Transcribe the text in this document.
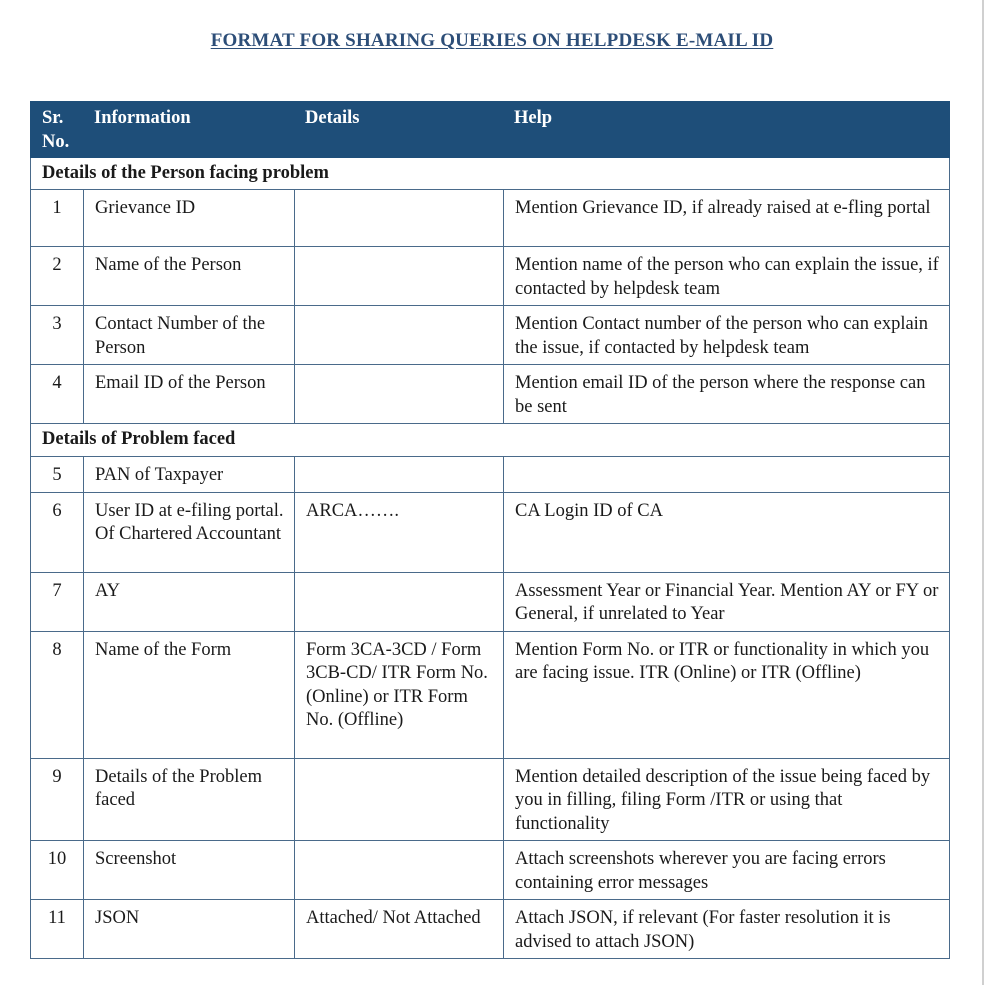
FORMAT FOR SHARING QUERIES ON HELPDESK E-MAIL ID
Sr. No.	Information	Details	Help
Details of the Person facing problem			
1	Grievance ID		Mention Grievance ID, if already raised at e-fling portal
2	Name of the Person		Mention name of the person who can explain the issue, if contacted by helpdesk team
3	Contact Number of the Person		Mention Contact number of the person who can explain the issue, if contacted by helpdesk team
4	Email ID of the Person		Mention email ID of the person where the response can be sent
Details of Problem faced			
5	PAN of Taxpayer		
6	User ID at e-filing portal. Of Chartered Accountant	ARCA…….	CA Login ID of CA
7	AY		Assessment Year or Financial Year. Mention AY or FY or General, if unrelated to Year
8	Name of the Form	Form 3CA-3CD / Form 3CB-CD/ ITR Form No. (Online) or ITR Form No. (Offline)	Mention Form No. or ITR or functionality in which you are facing issue. ITR (Online) or ITR (Offline)
9	Details of the Problem faced		Mention detailed description of the issue being faced by you in filling, filing Form /ITR or using that functionality
10	Screenshot		Attach screenshots wherever you are facing errors containing error messages
11	JSON	Attached/ Not Attached	Attach JSON, if relevant (For faster resolution it is advised to attach JSON)
